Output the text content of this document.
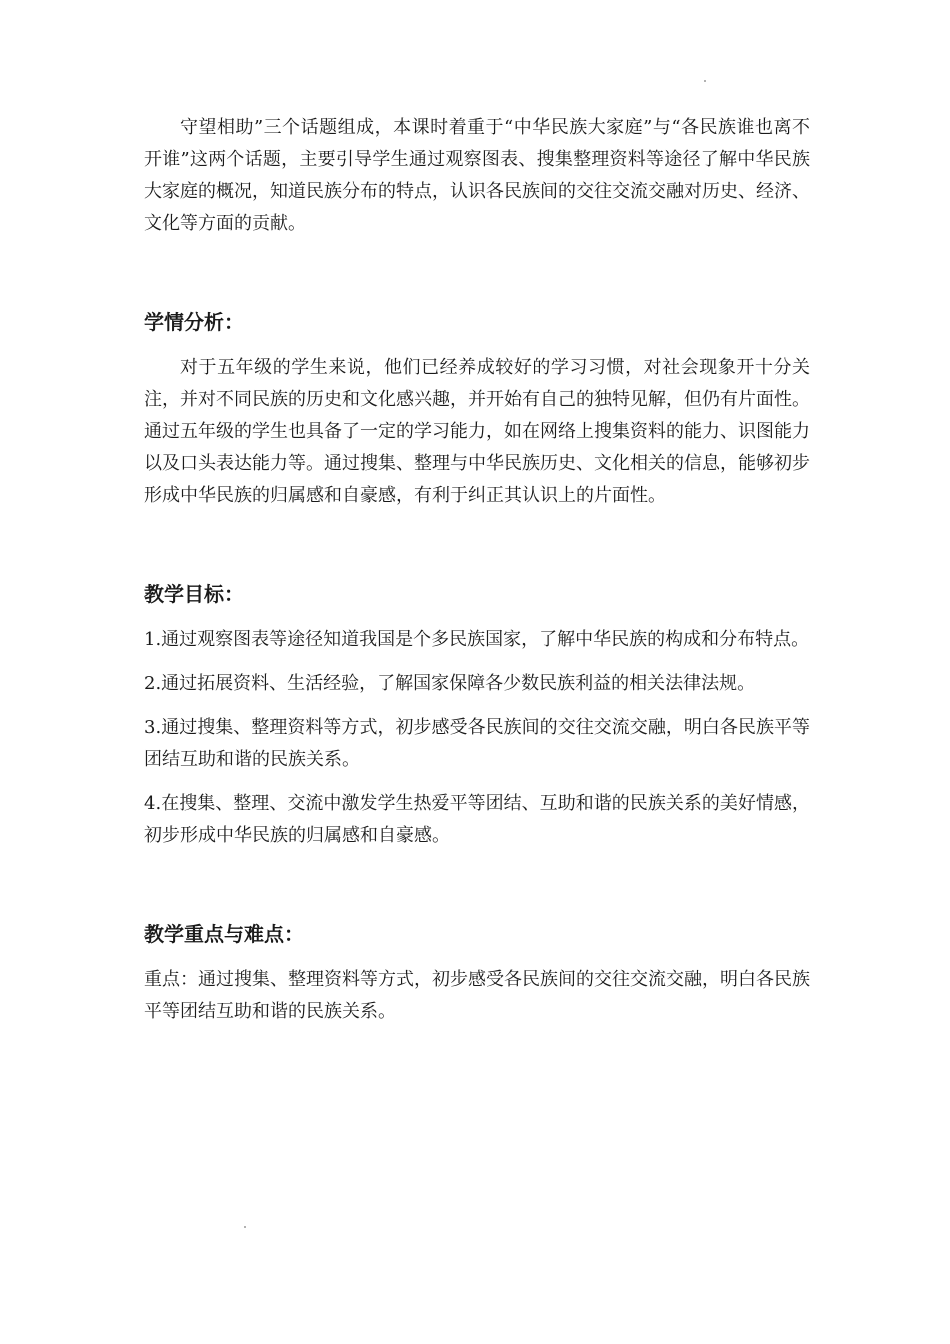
守望相助”三个话题组成，本课时着重于“中华民族大家庭”与“各民族谁也离不开谁”这两个话题，主要引导学生通过观察图表、搜集整理资料等途径了解中华民族大家庭的概况，知道民族分布的特点，认识各民族间的交往交流交融对历史、经济、文化等方面的贡献。

学情分析：

对于五年级的学生来说，他们已经养成较好的学习习惯，对社会现象开十分关注，并对不同民族的历史和文化感兴趣，并开始有自己的独特见解，但仍有片面性。通过五年级的学生也具备了一定的学习能力，如在网络上搜集资料的能力、识图能力以及口头表达能力等。通过搜集、整理与中华民族历史、文化相关的信息，能够初步形成中华民族的归属感和自豪感，有利于纠正其认识上的片面性。

教学目标：

1.通过观察图表等途径知道我国是个多民族国家，了解中华民族的构成和分布特点。

2.通过拓展资料、生活经验，了解国家保障各少数民族利益的相关法律法规。

3.通过搜集、整理资料等方式，初步感受各民族间的交往交流交融，明白各民族平等团结互助和谐的民族关系。

4.在搜集、整理、交流中激发学生热爱平等团结、互助和谐的民族关系的美好情感，初步形成中华民族的归属感和自豪感。

教学重点与难点：

重点：通过搜集、整理资料等方式，初步感受各民族间的交往交流交融，明白各民族平等团结互助和谐的民族关系。
